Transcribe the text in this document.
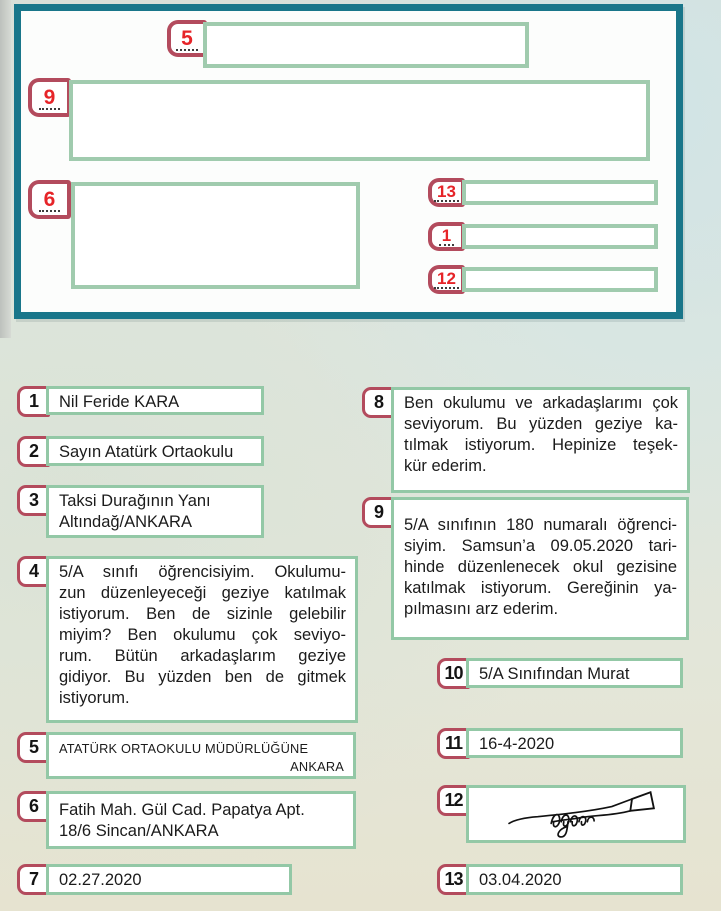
5
9
6	13
1
12
1 Nil Feride KARA
2 Sayın Atatürk Ortaokulu
3 Taksi Durağının Yanı
Altındağ/ANKARA
4 5/A sınıfı öğrencisiyim. Okulumu-
zun düzenleyeceği geziye katılmak
istiyorum. Ben de sizinle gelebilir
miyim? Ben okulumu çok seviyo-
rum. Bütün arkadaşlarım geziye
gidiyor. Bu yüzden ben de gitmek
istiyorum.
5 ATATÜRK ORTAOKULU MÜDÜRLÜĞÜNE
ANKARA
6 Fatih Mah. Gül Cad. Papatya Apt.
18/6 Sincan/ANKARA
7 02.27.2020
8 Ben okulumu ve arkadaşlarımı çok
seviyorum. Bu yüzden geziye ka-
tılmak istiyorum. Hepinize teşek-
kür ederim.
9
5/A sınıfının 180 numaralı öğrenci-
siyim. Samsun’a 09.05.2020 tari-
hinde düzenlenecek okul gezisine
katılmak istiyorum. Gereğinin ya-
pılmasını arz ederim.
10 5/A Sınıfından Murat
11 16-4-2020
12
13 03.04.2020
